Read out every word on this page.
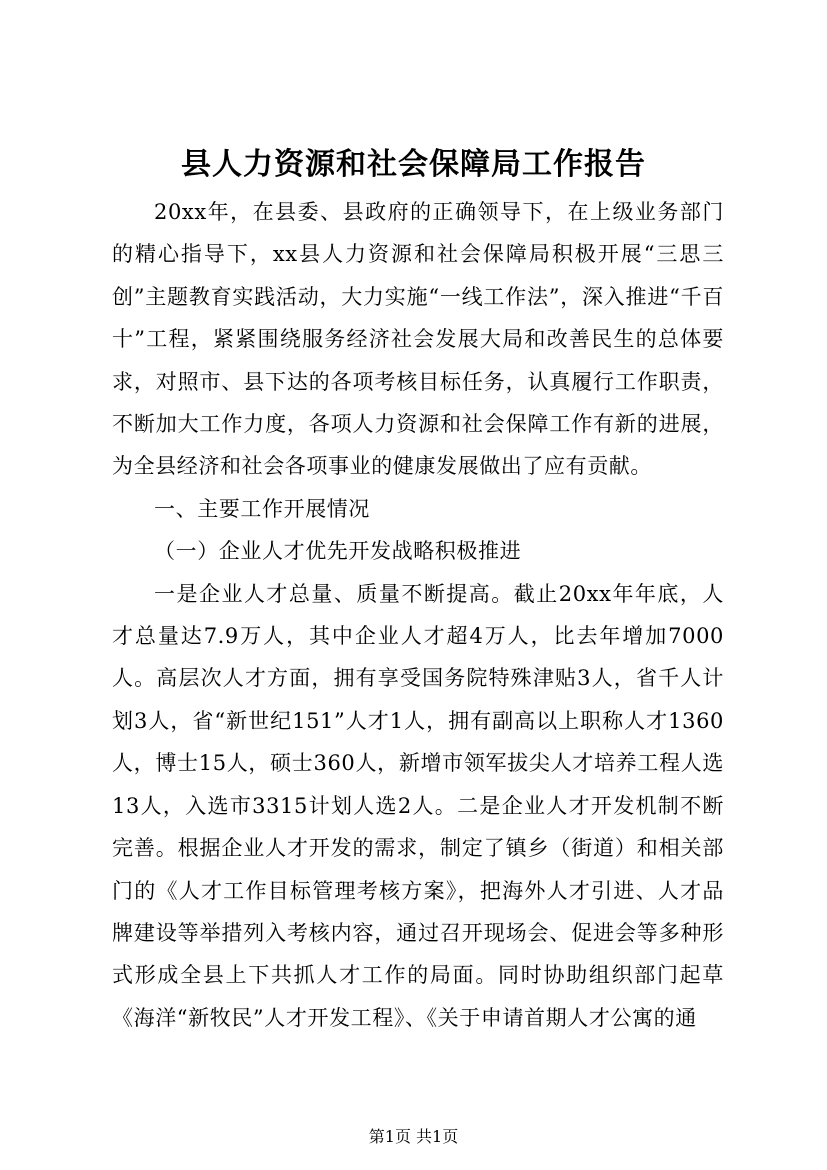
县人力资源和社会保障局工作报告

20xx年，在县委、县政府的正确领导下，在上级业务部门的精心指导下，xx县人力资源和社会保障局积极开展“三思三创”主题教育实践活动，大力实施“一线工作法”，深入推进“千百十”工程，紧紧围绕服务经济社会发展大局和改善民生的总体要求，对照市、县下达的各项考核目标任务，认真履行工作职责，不断加大工作力度，各项人力资源和社会保障工作有新的进展，为全县经济和社会各项事业的健康发展做出了应有贡献。

一、主要工作开展情况

（一）企业人才优先开发战略积极推进

一是企业人才总量、质量不断提高。截止20xx年年底，人才总量达7.9万人，其中企业人才超4万人，比去年增加7000人。高层次人才方面，拥有享受国务院特殊津贴3人，省千人计划3人，省“新世纪151”人才1人，拥有副高以上职称人才1360人，博士15人，硕士360人，新增市领军拔尖人才培养工程人选13人，入选市3315计划人选2人。二是企业人才开发机制不断完善。根据企业人才开发的需求，制定了镇乡（街道）和相关部门的《人才工作目标管理考核方案》，把海外人才引进、人才品牌建设等举措列入考核内容，通过召开现场会、促进会等多种形式形成全县上下共抓人才工作的局面。同时协助组织部门起草《海洋“新牧民”人才开发工程》、《关于申请首期人才公寓的通

第1页 共1页
